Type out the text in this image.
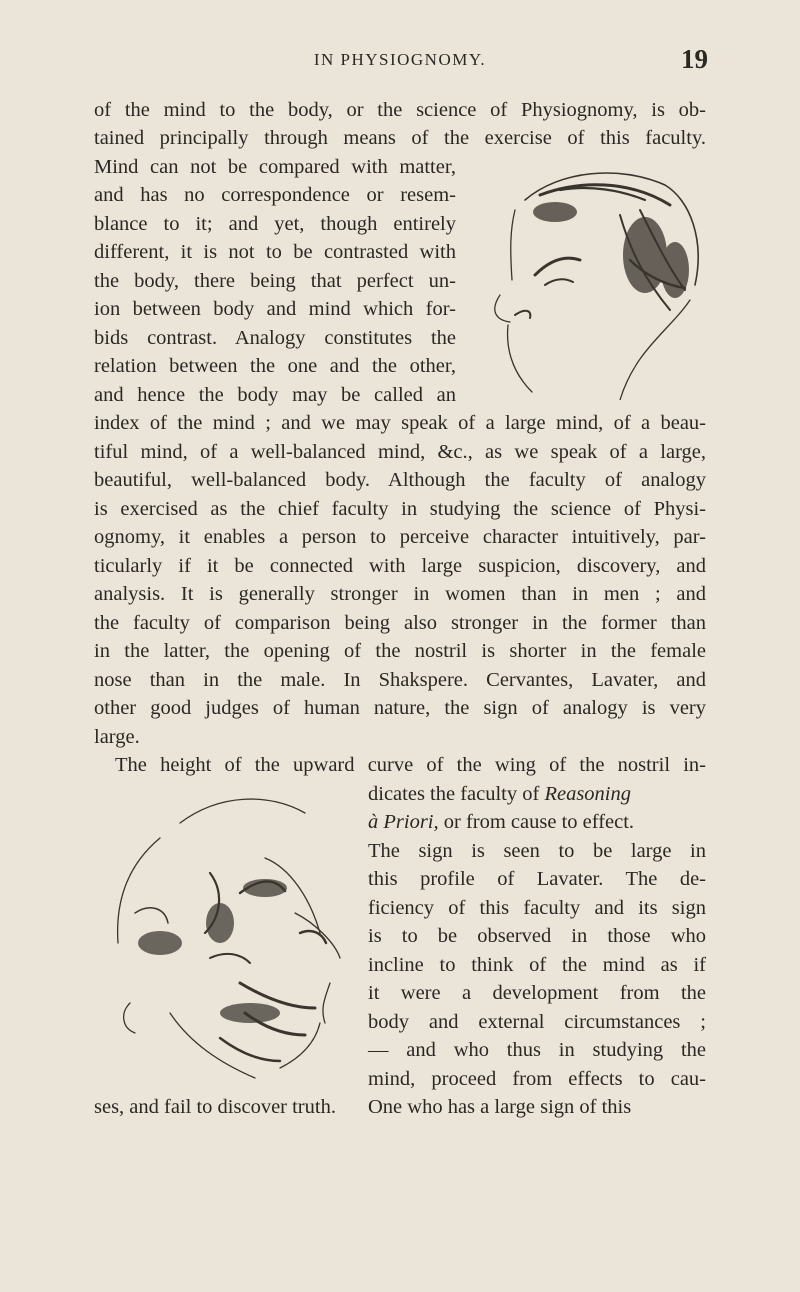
IN PHYSIOGNOMY.	19
of the mind to the body, or the science of Physiognomy, is ob-
tained principally through means of the exercise of this faculty.
Mind can not be compared with matter,
and has no correspondence or resem-
blance to it; and yet, though entirely
different, it is not to be contrasted with
the body, there being that perfect un-
ion between body and mind which for-
bids contrast. Analogy constitutes the
relation between the one and the other,
and hence the body may be called an
index of the mind ; and we may speak of a large mind, of a beau-
tiful mind, of a well-balanced mind, &c., as we speak of a large,
beautiful, well-balanced body. Although the faculty of analogy
is exercised as the chief faculty in studying the science of Physi-
ognomy, it enables a person to perceive character intuitively, par-
ticularly if it be connected with large suspicion, discovery, and
analysis. It is generally stronger in women than in men ; and
the faculty of comparison being also stronger in the former than
in the latter, the opening of the nostril is shorter in the female
nose than in the male. In Shakspere. Cervantes, Lavater, and
other good judges of human nature, the sign of analogy is very
large.
The height of the upward curve of the wing of the nostril in-
dicates the faculty of Reasoning
à Priori, or from cause to effect.
The sign is seen to be large in
this profile of Lavater. The de-
ficiency of this faculty and its sign
is to be observed in those who
incline to think of the mind as if
it were a development from the
body and external circumstances ;
— and who thus in studying the
mind, proceed from effects to cau-
ses, and fail to discover truth. One who has a large sign of this
